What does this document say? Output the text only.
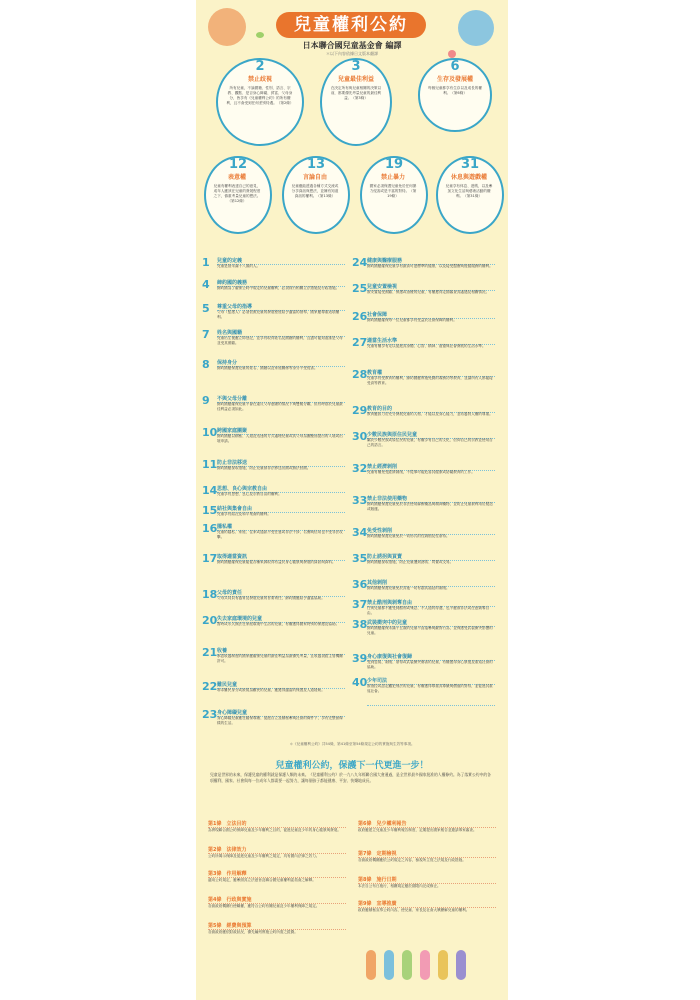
兒童權利公約
日本聯合國兒童基金會 編譯
＊以下內容依據日文版本翻譯
2
禁止歧視
所有兒童，不論國籍、性別、語言、宗教、觀點、是否身心障礙、貧富、父母身分，皆享有《兒童權利公約》的所有權利，且不會受到任何差別待遇。（第2條）
3
兒童最佳利益
在決定所有與兒童相關的決策以前，都要優先考量兒童的最佳利益。（第3條）
6
生存及發展權
每個兒童都享有生存以及成長的權利。（第6條）
12
表意權
兒童有權利表達自己的意見，成年人應該在兒童的發展程度之下，慎重考量兒童的想法。（第12條）
13
言論自由
兒童應能透過各種方式交流或分享資訊與想法，並擁有知道資訊的權利。（第13條）
19
禁止暴力
國家必須保護兒童免於任何暴力侵害或是不當的對待。（第19條）
31
休息與遊戲權
兒童享有休息、遊戲，以及參加文化生活與藝術活動的權利。（第31條）
1	兒童的定義
兒童是指未滿十八歲的人。
4	締約國的義務
締約國為了確保公約中規定的兒童權利，必須採行相關立法措施及行政措施。
5	尊重父母的指導
父母（監護人）必須依照兒童的發展程度給予適當的指導，國家應尊重這項權利。
7	姓名與國籍
兒童出生後應立即登記，並享有取得姓名及國籍的權利，且盡可能知道誰是父母並受其照顧。
8	保持身分
締約國應保護兒童的姓名、國籍以及家庭關係等身分不受侵害。
9	不與父母分離
締約國應確保兒童不會在違反父母意願的情況下與雙親分離，但有時基於兒童最佳利益必須如此。
10 跨國家庭團聚
締約國應以積極、人道及迅速的方式處理兒童或其父母為團聚而提出的入境或出境申請。
11 防止非法移送
締約國應採取措施，防止兒童被非法移送出國或無法回國。
14 思想、良心與宗教自由
兒童享有思想、良心及宗教自由的權利。
15 結社與集會自由
兒童享有結社及和平集會的權利。
16 隱私權
兒童的隱私、家庭、住家或通訊不受任意或非法干涉，名譽與信用也不受非法攻擊。
17 取得適當資訊
締約國應確保兒童能從各種來源取得有益於身心健康與發展的資訊與資料。
18 父母的責任
父母共同負有養育及發展兒童的首要責任，締約國應給予適當協助。
20 失去家庭環境的兒童
暫時或永久無法在家庭環境中生活的兒童，有權獲得國家特別的保護及協助。
21 收養
承認收養制度的國家應確保兒童的最佳利益為最優先考量，且收養須經主管機關許可。
22 難民兒童
尋求難民身分或被視為難民的兒童，應獲得適當的保護及人道援助。
23 身心障礙兒童
身心障礙兒童應在確保尊嚴、促進自立及積極參與社會的條件下，享有完整而像樣的生活。
24 健康與醫療服務
締約國應確保兒童享有最高可達標準的健康，以及接受醫療與復健服務的權利。
25 兒童安置檢視
被安置接受照顧、保護或治療的兒童，有權獲得定期審查其處遇及相關情況。
26 社會保障
締約國應確保每一位兒童都享有受益於社會保障的權利。
27 適當生活水準
兒童有權享有足以促進其身體、心智、精神、道德與社會發展的生活水準。
28 教育權
兒童享有受教育的權利，締約國應實施免費的義務初等教育，並讓所有人都能接受高等教育。
29 教育的目的
教育應致力於充分發展兒童的人格、才能以及身心能力，並培養對人權的尊重。
30 少數民族與原住民兒童
屬於少數民族或原住民的兒童，有權享有自己的文化、信仰自己的宗教並使用自己的語言。
32 禁止經濟剝削
兒童有權免受經濟剝削，不從事可能危害其健康或妨礙教育的工作。
33 禁止非法使用藥物
締約國應保護兒童免於非法使用麻醉藥品與精神藥物，並防止兒童被利用於製造或販運。
34 免受性剝削
締約國應保護兒童免於一切形式的性剝削及性虐待。
35 防止誘拐與買賣
締約國應採取措施，防止兒童遭到誘拐、買賣或交易。
36 其他剝削
締約國應保護兒童免於其他一切有損其福祉的剝削。
37 禁止酷刑與剝奪自由
任何兒童都不應受到酷刑或殘忍、不人道的待遇，也不應被非法或任意剝奪自由。
38 武裝衝突中的兒童
締約國應確保未滿十五歲的兒童不直接參與敵對行為，並保護受武裝衝突影響的兒童。
39 身心康復與社會復歸
受到忽視、剝削、虐待或武裝衝突傷害的兒童，有權獲得身心康復及重返社會的協助。
40 少年司法
被指控或認定觸犯刑法的兒童，有權獲得尊重其尊嚴與價值的對待，並促進其重返社會。
＊《兒童權利公約》共54條，第41條至第54條規定公約的實施與生效等事項。
兒童權利公約，保護下一代更進一步！
兒童是世界的未來，保護兒童的權利就是保護人類的未來。《兒童權利公約》於一九八九年經聯合國大會通過，是全世界最多國家批准的人權條約。為了落實公約中的各項權利，國家、社會與每一位成年人都需要一起努力，讓每個孩子都能健康、平安、快樂地成長。
第1條　立法目的
為實現聯合國公約保障兒童及少年權利之目的，促進兒童及少年的身心健康與發展。
第2條　法律效力
公約所揭示保障及促進兒童及少年權利之規定，具有國內法律之效力。
第3條　作用解釋
適用公約規定，應參照其立法意旨及聯合國兒童權利委員會之解釋。
第4條　行政與實施
各級政府機關行使職權，應符合公約有關兒童及少年權利保障之規定。
第5條　經費與預算
各級政府應依財政狀況，優先編列實施公約所需之經費。
第6條　兒少權利報告
政府應建立兒童及少年權利報告制度，定期提出國家報告並邀請專家審查。
第7條　定期檢視
各級政府機關應依公約規定之內容，檢視所主管之法規及行政措施。
第8條　施行日期
本法自公布日施行，相關規定應於期限內完成修正。
第9條　宣導推廣
政府應積極宣導公約內容，使兒童、家長及社會大眾瞭解兒童的權利。
